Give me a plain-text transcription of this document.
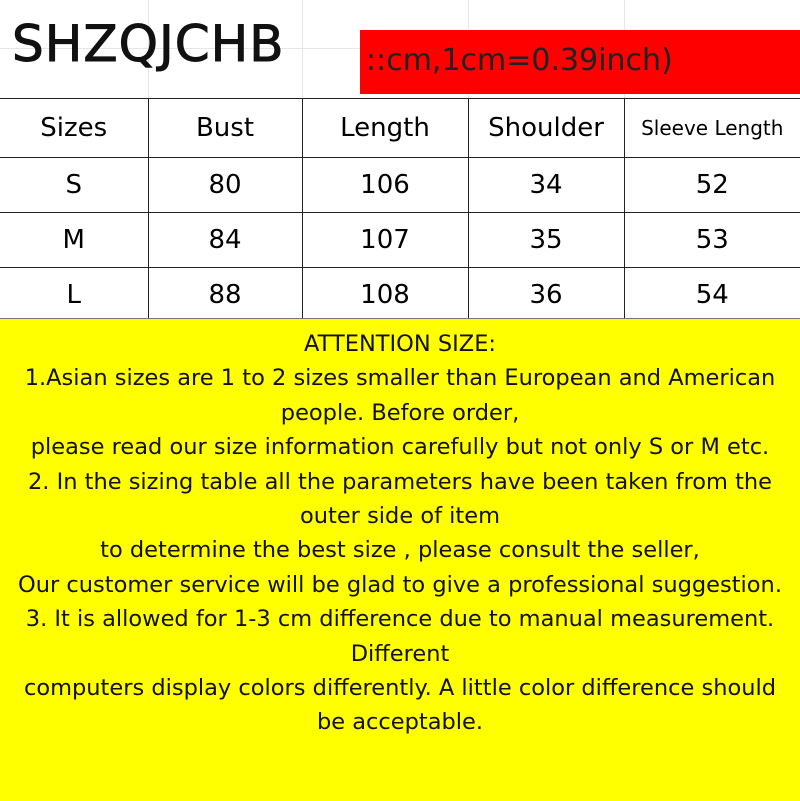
SHZQJCHB	::cm,1cm=0.39inch)
Sizes	Bust	Length	Shoulder	Sleeve Length
S	80	106	34	52
M	84	107	35	53
L	88	108	36	54
ATTENTION SIZE:
1.Asian sizes are 1 to 2 sizes smaller than European and American
people. Before order,
please read our size information carefully but not only S or M etc.
2. In the sizing table all the parameters have been taken from the
outer side of item
to determine the best size , please consult the seller,
Our customer service will be glad to give a professional suggestion.
3. It is allowed for 1-3 cm difference due to manual measurement.
Different
computers display colors differently. A little color difference should
be acceptable.
